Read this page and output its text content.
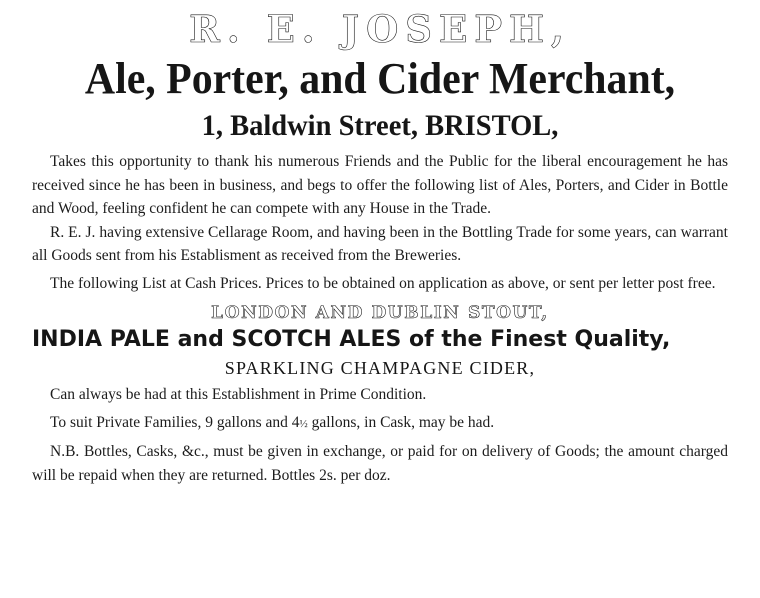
R. E. JOSEPH,
Ale, Porter, and Cider Merchant,
1, Baldwin Street, BRISTOL,

Takes this opportunity to thank his numerous Friends and the Public for the liberal encouragement he has received since he has been in business, and begs to offer the following list of Ales, Porters, and Cider in Bottle and Wood, feeling confident he can compete with any House in the Trade.

R. E. J. having extensive Cellarage Room, and having been in the Bottling Trade for some years, can warrant all Goods sent from his Establisment as received from the Breweries.

The following List at Cash Prices. Prices to be obtained on application as above, or sent per letter post free.

LONDON AND DUBLIN STOUT,
INDIA PALE and SCOTCH ALES of the Finest Quality,
SPARKLING CHAMPAGNE CIDER,

Can always be had at this Establishment in Prime Condition.

To suit Private Families, 9 gallons and 4½ gallons, in Cask, may be had.

N.B. Bottles, Casks, &c., must be given in exchange, or paid for on delivery of Goods; the amount charged will be repaid when they are returned. Bottles 2s. per doz.
